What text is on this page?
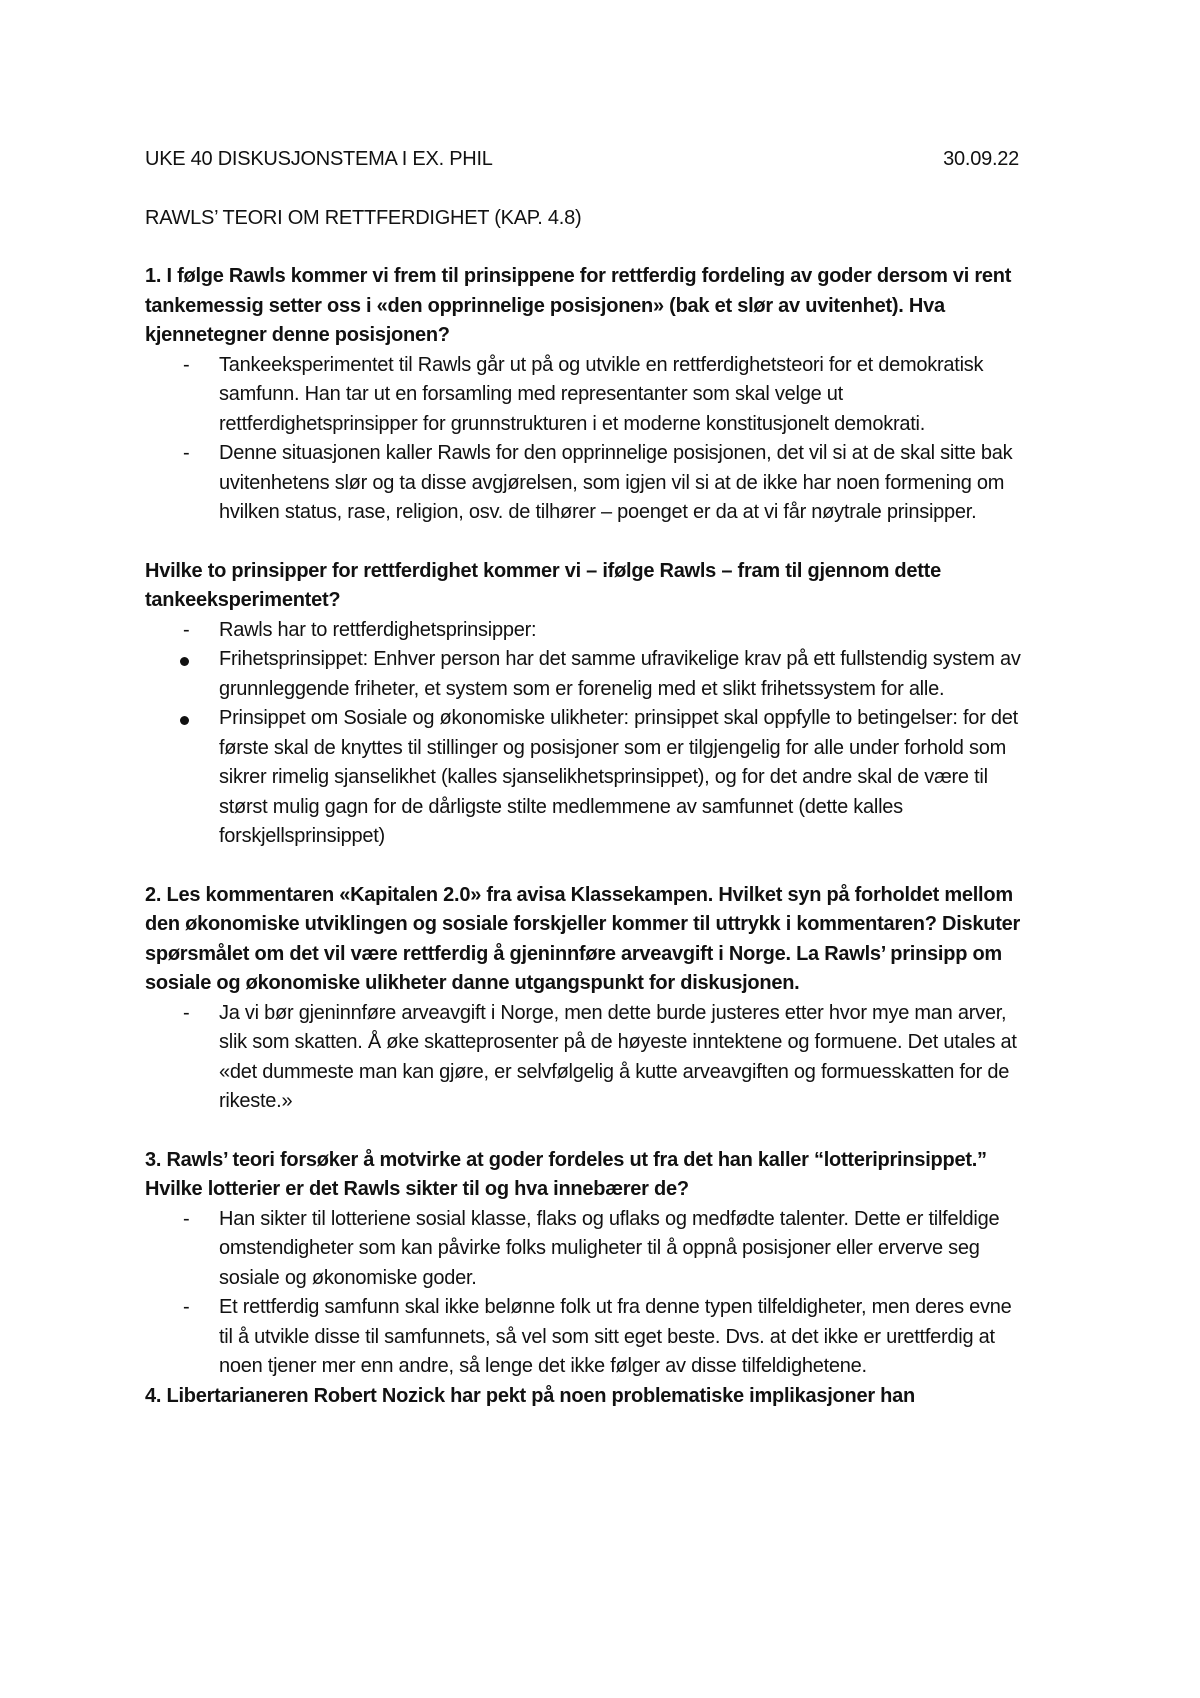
UKE 40 DISKUSJONSTEMA I EX. PHIL	30.09.22

RAWLS’ TEORI OM RETTFERDIGHET (KAP. 4.8)

1. I følge Rawls kommer vi frem til prinsippene for rettferdig fordeling av goder dersom vi rent tankemessig setter oss i «den opprinnelige posisjonen» (bak et slør av uvitenhet). Hva kjennetegner denne posisjonen?

- Tankeeksperimentet til Rawls går ut på og utvikle en rettferdighetsteori for et demokratisk samfunn. Han tar ut en forsamling med representanter som skal velge ut rettferdighetsprinsipper for grunnstrukturen i et moderne konstitusjonelt demokrati.
- Denne situasjonen kaller Rawls for den opprinnelige posisjonen, det vil si at de skal sitte bak uvitenhetens slør og ta disse avgjørelsen, som igjen vil si at de ikke har noen formening om hvilken status, rase, religion, osv. de tilhører – poenget er da at vi får nøytrale prinsipper.

Hvilke to prinsipper for rettferdighet kommer vi – ifølge Rawls – fram til gjennom dette tankeeksperimentet?

- Rawls har to rettferdighetsprinsipper:
Frihetsprinsippet: Enhver person har det samme ufravikelige krav på ett fullstendig system av grunnleggende friheter, et system som er forenelig med et slikt frihetssystem for alle.
Prinsippet om Sosiale og økonomiske ulikheter: prinsippet skal oppfylle to betingelser: for det første skal de knyttes til stillinger og posisjoner som er tilgjengelig for alle under forhold som sikrer rimelig sjanselikhet (kalles sjanselikhetsprinsippet), og for det andre skal de være til størst mulig gagn for de dårligste stilte medlemmene av samfunnet (dette kalles forskjellsprinsippet)

2. Les kommentaren «Kapitalen 2.0» fra avisa Klassekampen. Hvilket syn på forholdet mellom den økonomiske utviklingen og sosiale forskjeller kommer til uttrykk i kommentaren? Diskuter spørsmålet om det vil være rettferdig å gjeninnføre arveavgift i Norge. La Rawls’ prinsipp om sosiale og økonomiske ulikheter danne utgangspunkt for diskusjonen.

- Ja vi bør gjeninnføre arveavgift i Norge, men dette burde justeres etter hvor mye man arver, slik som skatten. Å øke skatteprosenter på de høyeste inntektene og formuene. Det utales at «det dummeste man kan gjøre, er selvfølgelig å kutte arveavgiften og formuesskatten for de rikeste.»

3. Rawls’ teori forsøker å motvirke at goder fordeles ut fra det han kaller “lotteriprinsippet.” Hvilke lotterier er det Rawls sikter til og hva innebærer de?

- Han sikter til lotteriene sosial klasse, flaks og uflaks og medfødte talenter. Dette er tilfeldige omstendigheter som kan påvirke folks muligheter til å oppnå posisjoner eller erverve seg sosiale og økonomiske goder.
- Et rettferdig samfunn skal ikke belønne folk ut fra denne typen tilfeldigheter, men deres evne til å utvikle disse til samfunnets, så vel som sitt eget beste. Dvs. at det ikke er urettferdig at noen tjener mer enn andre, så lenge det ikke følger av disse tilfeldighetene.

4. Libertarianeren Robert Nozick har pekt på noen problematiske implikasjoner han
